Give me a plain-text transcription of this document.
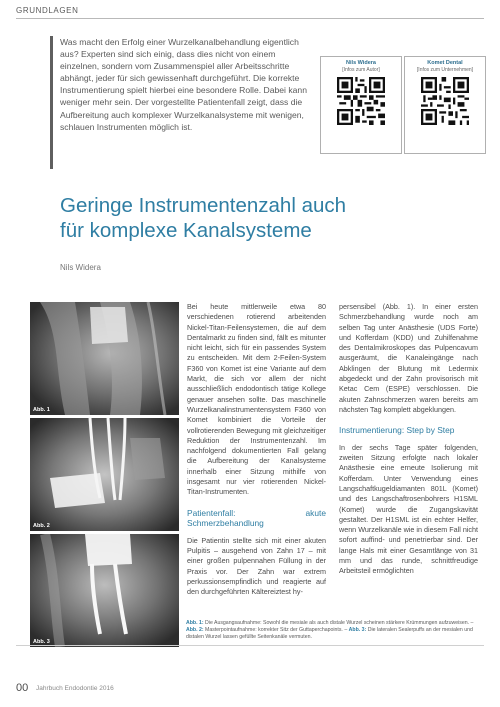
GRUNDLAGEN
Was macht den Erfolg einer Wurzelkanalbehandlung eigentlich aus? Experten sind sich einig, dass dies nicht von einem einzelnen, sondern vom Zusammenspiel aller Arbeitsschritte abhängt, jeder für sich gewissenhaft durchgeführt. Die korrekte Instrumentierung spielt hierbei eine besondere Rolle. Dabei kann weniger mehr sein. Der vorgestellte Patientenfall zeigt, dass die Aufbereitung auch komplexer Wurzelkanalsysteme mit wenigen, schlauen Instrumenten möglich ist.
Nils Widera
[Infos zum Autor]
Komet Dental
[Infos zum Unternehmen]
Geringe Instrumentenzahl auch
für komplexe Kanalsysteme
Nils Widera
Abb. 1
Abb. 2
Abb. 3

Bei heute mittlerweile etwa 80 verschiedenen rotierend arbeitenden Nickel-Titan-Feilensystemen, die auf dem Dentalmarkt zu finden sind, fällt es mitunter nicht leicht, sich für ein passendes System zu entscheiden. Mit dem 2-Feilen-System F360 von Komet ist eine Variante auf dem Markt, die sich vor allem der nicht ausschließlich endodontisch tätige Kollege genauer ansehen sollte. Das maschinelle Wurzelkanalinstrumentensystem F360 von Komet kombiniert die Vorteile der vollrotierenden Bewegung mit gleichzeitiger Reduktion der Instrumentenzahl. Im nachfolgend dokumentierten Fall gelang die Aufbereitung der Kanalsysteme innerhalb einer Sitzung mithilfe von insgesamt nur vier rotierenden Nickel-Titan-Instrumenten.

Patientenfall: akute Schmerzbehandlung

Die Patientin stellte sich mit einer akuten Pulpitis – ausgehend von Zahn 17 – mit einer großen pulpennahen Füllung in der Praxis vor. Der Zahn war extrem perkussionsempfindlich und reagierte auf den durchgeführten Kältereiztest hy-

persensibel (Abb. 1). In einer ersten Schmerzbehandlung wurde noch am selben Tag unter Anästhesie (UDS Forte) und Kofferdam (KDD) und Zuhilfenahme des Dentalmikroskopes das Pulpencavum ausgeräumt, die Kanaleingänge nach Abklingen der Blutung mit Ledermix abgedeckt und der Zahn provisorisch mit Ketac Cem (ESPE) verschlossen. Die akuten Zahnschmerzen waren bereits am nächsten Tag komplett abgeklungen.

Instrumentierung: Step by Step

In der sechs Tage später folgenden, zweiten Sitzung erfolgte nach lokaler Anästhesie eine erneute Isolierung mit Kofferdam. Unter Verwendung eines Langschaftkugeldiamanten 801L (Komet) und des Langschaftrosenbohrers H1SML (Komet) wurde die Zugangskavität gestaltet. Der H1SML ist ein echter Helfer, wenn Wurzelkanäle wie in diesem Fall nicht sofort auffind- und penetrierbar sind. Der lange Hals mit einer Gesamtlänge von 31 mm und das runde, schnittfreudige Arbeitsteil ermöglichten

Abb. 1: Die Ausgangsaufnahme: Sowohl die mesiale als auch distale Wurzel scheinen stärkere Krümmungen aufzuweisen. – Abb. 2: Masterpointaufnahme: korrekter Sitz der Guttaperchapoints. – Abb. 3: Die lateralen Sealerpuffs an der mesialen und distalen Wurzel lassen gefüllte Seitenkanäle vermuten.
00 Jahrbuch Endodontie 2016
